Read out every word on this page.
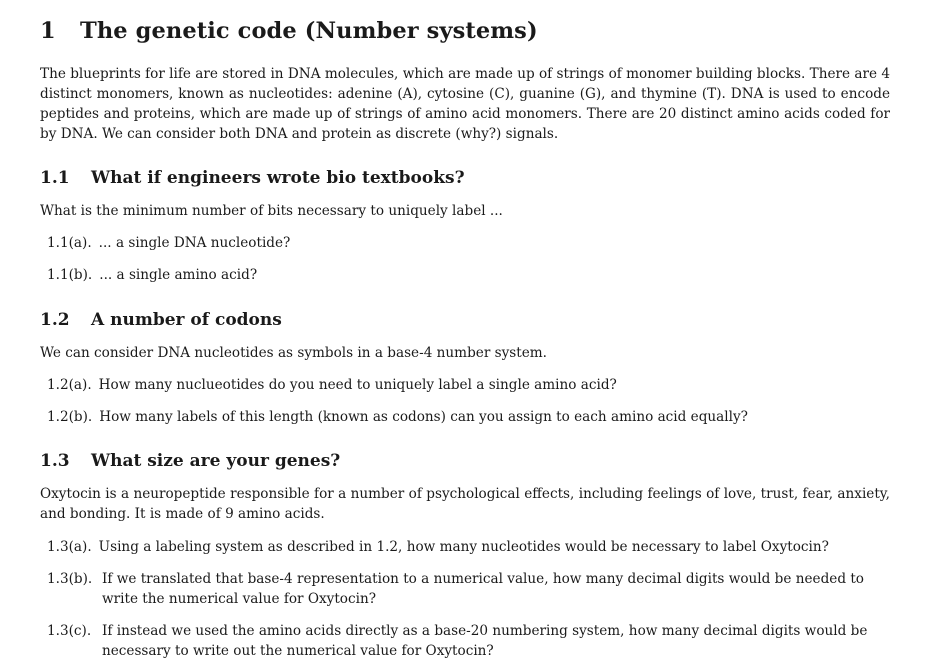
1 The genetic code (Number systems)

The blueprints for life are stored in DNA molecules, which are made up of strings of monomer building blocks. There are 4 distinct monomers, known as nucleotides: adenine (A), cytosine (C), guanine (G), and thymine (T). DNA is used to encode peptides and proteins, which are made up of strings of amino acid monomers. There are 20 distinct amino acids coded for by DNA. We can consider both DNA and protein as discrete (why?) signals.

1.1 What if engineers wrote bio textbooks?

What is the minimum number of bits necessary to uniquely label ...

1.1(a). ... a single DNA nucleotide?
1.1(b). ... a single amino acid?
1.2 A number of codons

We can consider DNA nucleotides as symbols in a base-4 number system.

1.2(a). How many nuclueotides do you need to uniquely label a single amino acid?
1.2(b). How many labels of this length (known as codons) can you assign to each amino acid equally?
1.3 What size are your genes?

Oxytocin is a neuropeptide responsible for a number of psychological effects, including feelings of love, trust, fear, anxiety, and bonding. It is made of 9 amino acids.

1.3(a). Using a labeling system as described in 1.2, how many nucleotides would be necessary to label Oxytocin?
1.3(b). If we translated that base-4 representation to a numerical value, how many decimal digits would be needed to write the numerical value for Oxytocin?
1.3(c). If instead we used the amino acids directly as a base-20 numbering system, how many decimal digits would be necessary to write out the numerical value for Oxytocin?
